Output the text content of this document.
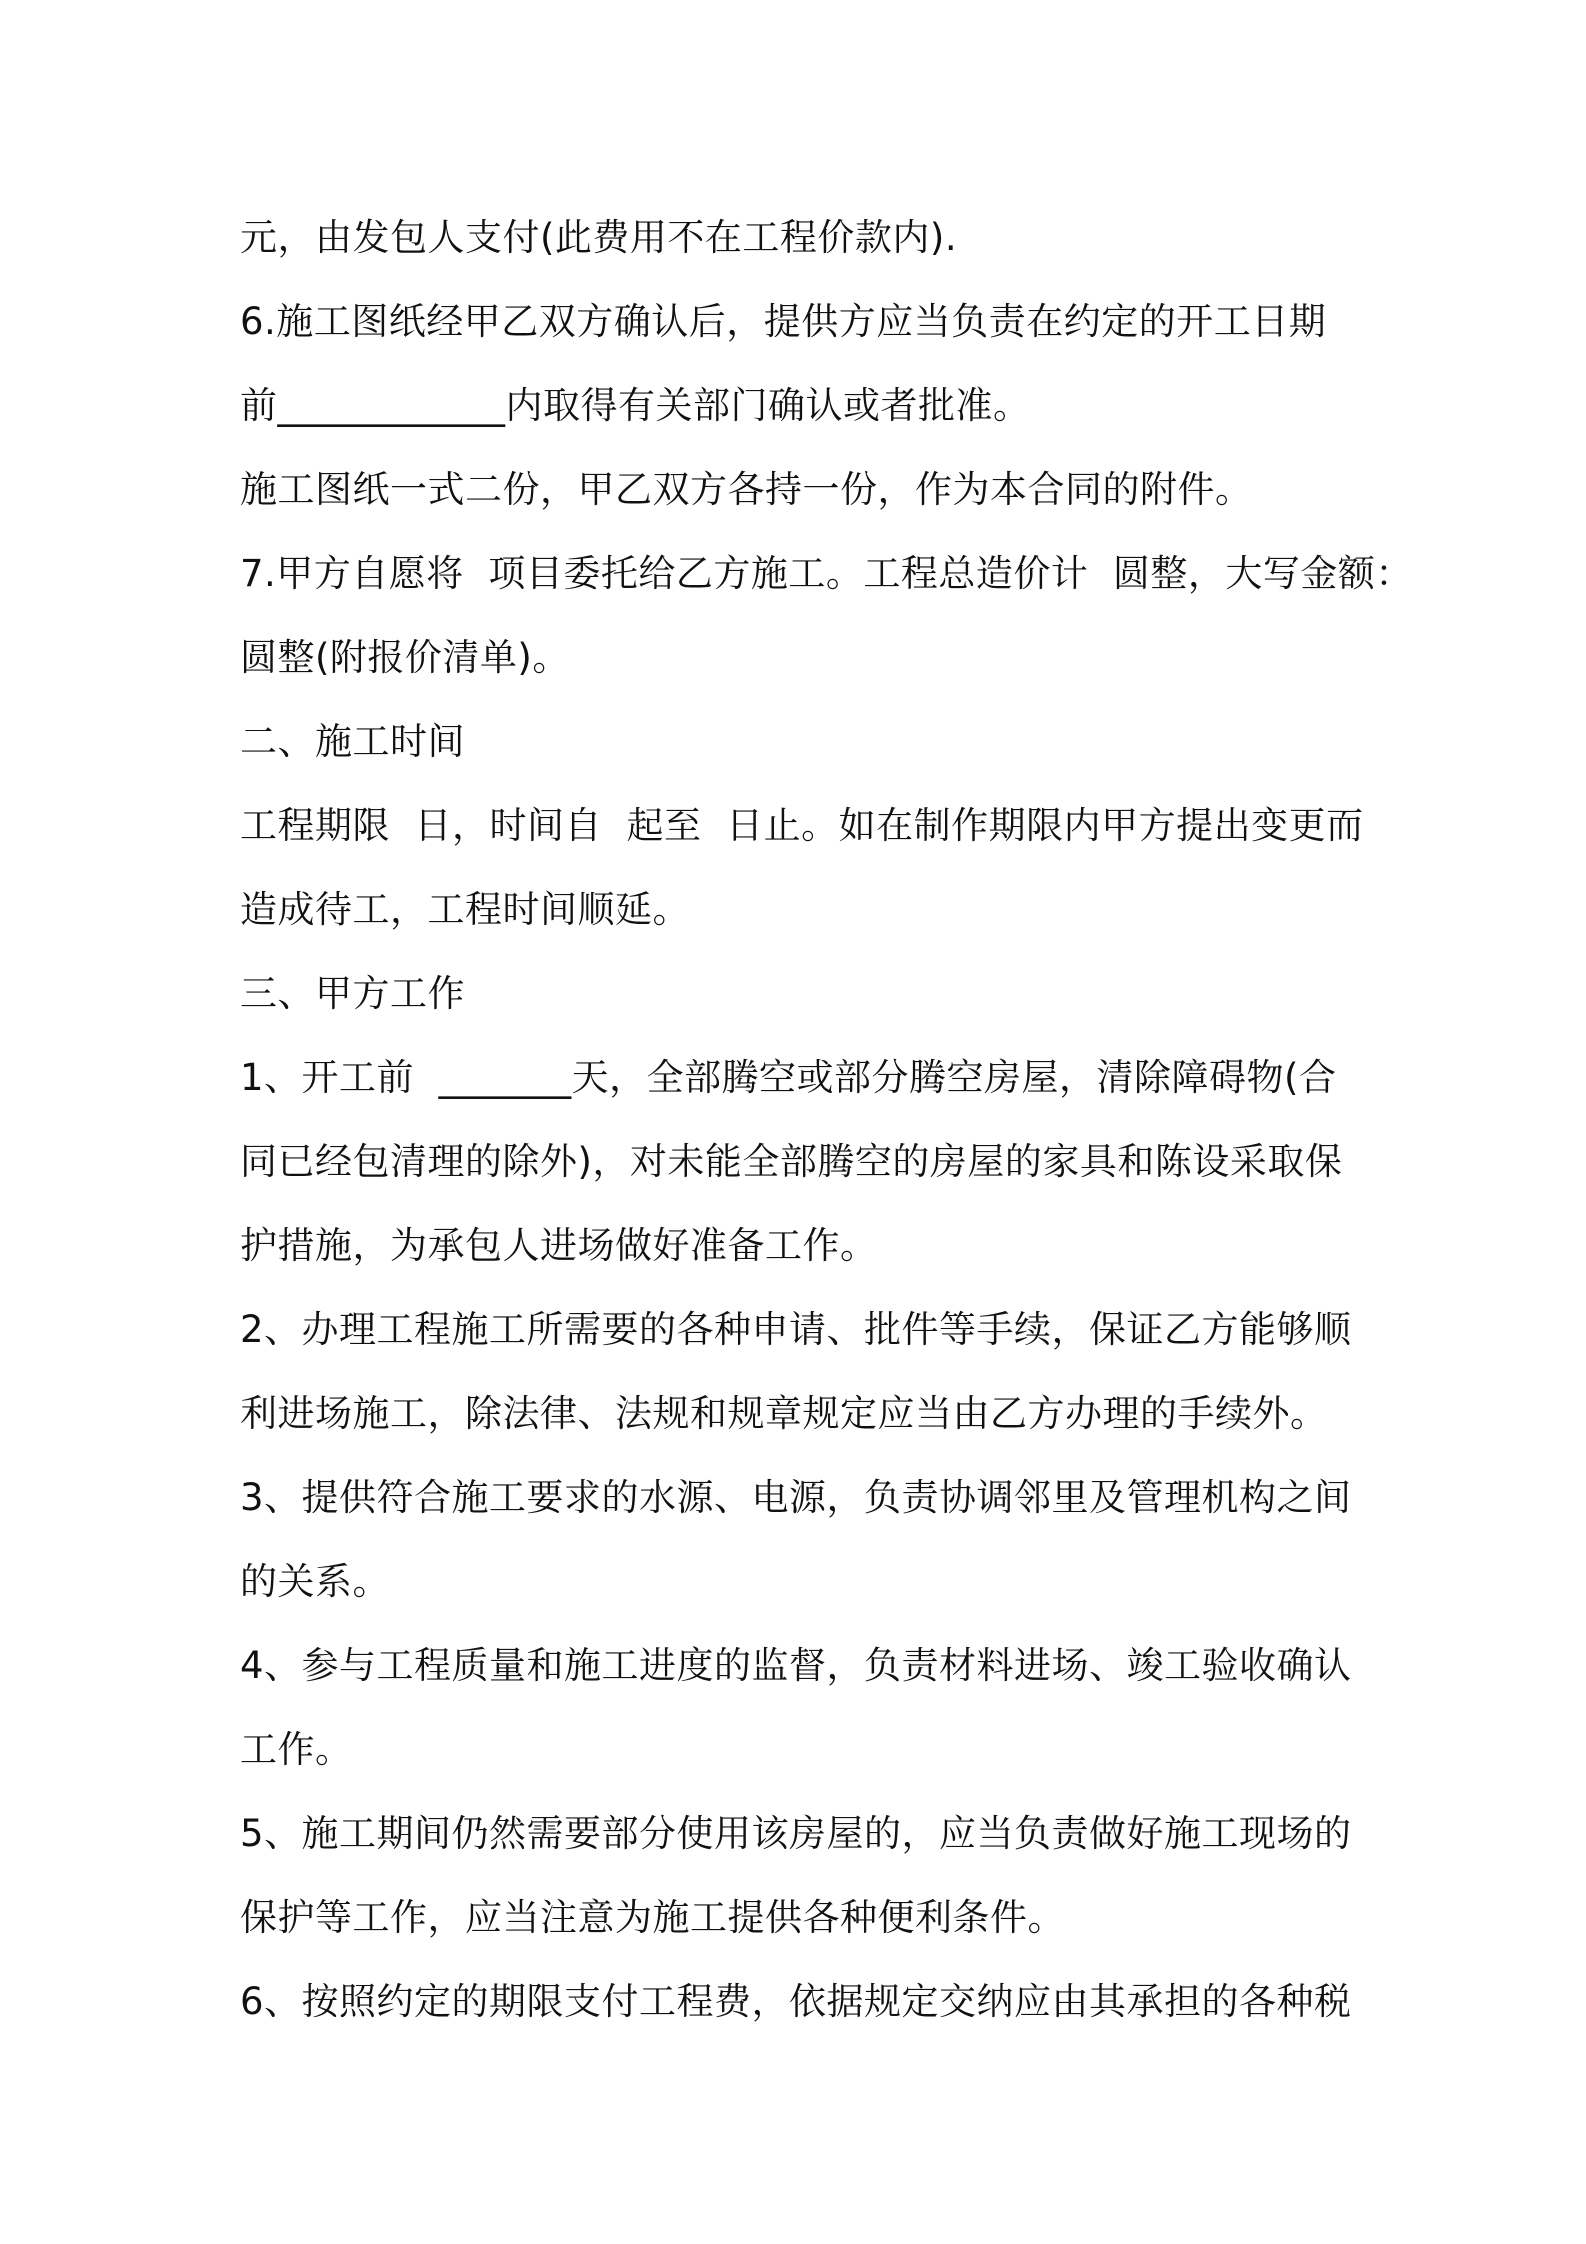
元，由发包人支付(此费用不在工程价款内).
6.施工图纸经甲乙双方确认后，提供方应当负责在约定的开工日期
前____________内取得有关部门确认或者批准。
施工图纸一式二份，甲乙双方各持一份，作为本合同的附件。
7.甲方自愿将  项目委托给乙方施工。工程总造价计  圆整，大写金额：
圆整(附报价清单)。
二、施工时间
工程期限  日，时间自  起至  日止。如在制作期限内甲方提出变更而
造成待工，工程时间顺延。
三、甲方工作
1、开工前  _______天，全部腾空或部分腾空房屋，清除障碍物(合
同已经包清理的除外)，对未能全部腾空的房屋的家具和陈设采取保
护措施，为承包人进场做好准备工作。
2、办理工程施工所需要的各种申请、批件等手续，保证乙方能够顺
利进场施工，除法律、法规和规章规定应当由乙方办理的手续外。
3、提供符合施工要求的水源、电源，负责协调邻里及管理机构之间
的关系。
4、参与工程质量和施工进度的监督，负责材料进场、竣工验收确认
工作。
5、施工期间仍然需要部分使用该房屋的，应当负责做好施工现场的
保护等工作，应当注意为施工提供各种便利条件。
6、按照约定的期限支付工程费，依据规定交纳应由其承担的各种税
